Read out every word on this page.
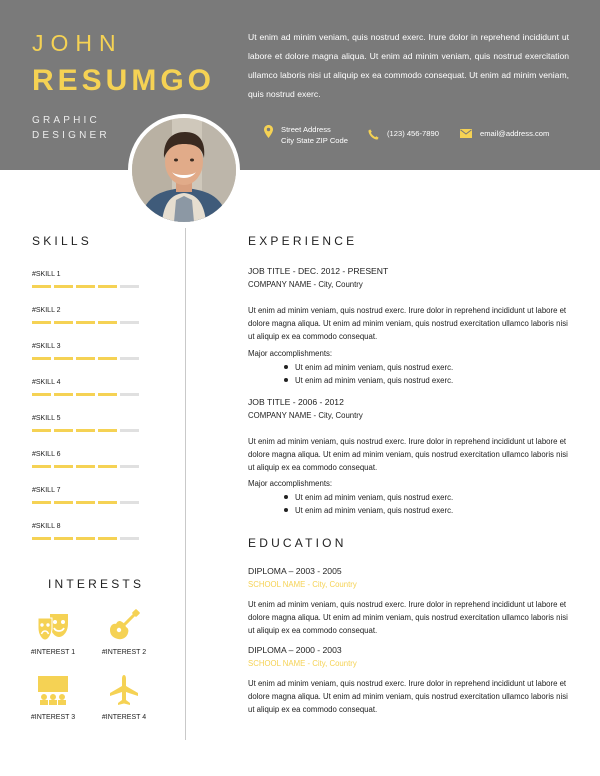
JOHN
RESUMGO
GRAPHIC
DESIGNER
Ut enim ad minim veniam, quis nostrud exerc. Irure dolor in reprehend incididunt ut labore et dolore magna aliqua. Ut enim ad minim veniam, quis nostrud exercitation ullamco laboris nisi ut aliquip ex ea commodo consequat. Ut enim ad minim veniam, quis nostrud exerc.
Street Address
City State ZIP Code
(123) 456-7890	email@address.com
SKILLS
#SKILL 1
#SKILL 2
#SKILL 3
#SKILL 4
#SKILL 5
#SKILL 6
#SKILL 7
#SKILL 8
INTERESTS
#INTEREST 1	#INTEREST 2
#INTEREST 3	#INTEREST 4
EXPERIENCE
JOB TITLE - DEC. 2012 - PRESENT
COMPANY NAME - City, Country
Ut enim ad minim veniam, quis nostrud exerc. Irure dolor in reprehend incididunt ut labore et dolore magna aliqua. Ut enim ad minim veniam, quis nostrud exercitation ullamco laboris nisi ut aliquip ex ea commodo consequat.
Major accomplishments:
Ut enim ad minim veniam, quis nostrud exerc.
Ut enim ad minim veniam, quis nostrud exerc.
JOB TITLE - 2006 - 2012
COMPANY NAME - City, Country
Ut enim ad minim veniam, quis nostrud exerc. Irure dolor in reprehend incididunt ut labore et dolore magna aliqua. Ut enim ad minim veniam, quis nostrud exercitation ullamco laboris nisi ut aliquip ex ea commodo consequat.
Major accomplishments:
Ut enim ad minim veniam, quis nostrud exerc.
Ut enim ad minim veniam, quis nostrud exerc.
EDUCATION
DIPLOMA – 2003 - 2005
SCHOOL NAME - City, Country
Ut enim ad minim veniam, quis nostrud exerc. Irure dolor in reprehend incididunt ut labore et dolore magna aliqua. Ut enim ad minim veniam, quis nostrud exercitation ullamco laboris nisi ut aliquip ex ea commodo consequat.
DIPLOMA – 2000 - 2003
SCHOOL NAME - City, Country
Ut enim ad minim veniam, quis nostrud exerc. Irure dolor in reprehend incididunt ut labore et dolore magna aliqua. Ut enim ad minim veniam, quis nostrud exercitation ullamco laboris nisi ut aliquip ex ea commodo consequat.
